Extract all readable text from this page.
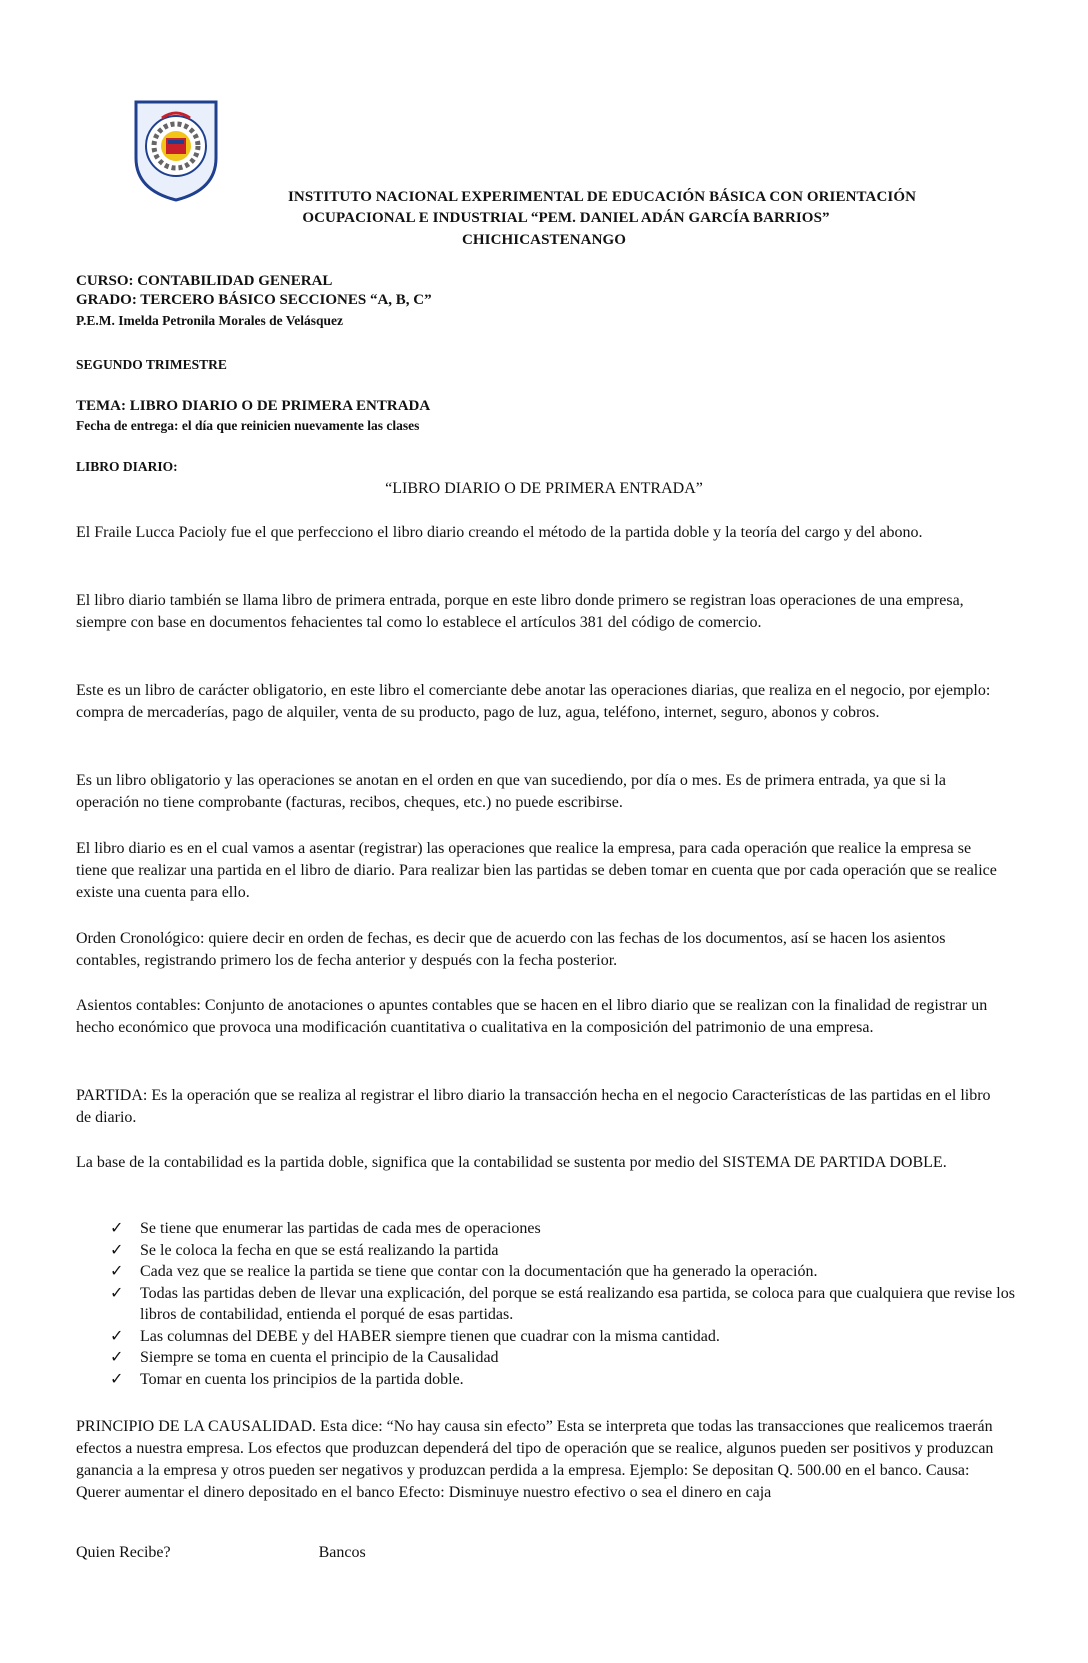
INSTITUTO NACIONAL EXPERIMENTAL DE EDUCACIÓN BÁSICA CON ORIENTACIÓN
OCUPACIONAL E INDUSTRIAL “PEM. DANIEL ADÁN GARCÍA BARRIOS”
CHICHICASTENANGO
CURSO: CONTABILIDAD GENERAL
GRADO: TERCERO BÁSICO SECCIONES “A, B, C”
P.E.M. Imelda Petronila Morales de Velásquez
SEGUNDO TRIMESTRE
TEMA: LIBRO DIARIO O DE PRIMERA ENTRADA
Fecha de entrega: el día que reinicien nuevamente las clases
LIBRO DIARIO:
“LIBRO DIARIO O DE PRIMERA ENTRADA”
El Fraile Lucca Pacioly fue el que perfecciono el libro diario creando el método de la partida doble y la teoría del cargo y del abono.
El libro diario también se llama libro de primera entrada, porque en este libro donde primero se registran loas operaciones de una empresa, siempre con base en documentos fehacientes tal como lo establece el artículos 381 del código de comercio.
Este es un libro de carácter obligatorio, en este libro el comerciante debe anotar las operaciones diarias, que realiza en el negocio, por ejemplo: compra de mercaderías, pago de alquiler, venta de su producto, pago de luz, agua, teléfono, internet, seguro, abonos y cobros.
Es un libro obligatorio y las operaciones se anotan en el orden en que van sucediendo, por día o mes. Es de primera entrada, ya que si la operación no tiene comprobante (facturas, recibos, cheques, etc.) no puede escribirse.
El libro diario es en el cual vamos a asentar (registrar) las operaciones que realice la empresa, para cada operación que realice la empresa se tiene que realizar una partida en el libro de diario. Para realizar bien las partidas se deben tomar en cuenta que por cada operación que se realice existe una cuenta para ello.
Orden Cronológico: quiere decir en orden de fechas, es decir que de acuerdo con las fechas de los documentos, así se hacen los asientos contables, registrando primero los de fecha anterior y después con la fecha posterior.
Asientos contables: Conjunto de anotaciones o apuntes contables que se hacen en el libro diario que se realizan con la finalidad de registrar un hecho económico que provoca una modificación cuantitativa o cualitativa en la composición del patrimonio de una empresa.
PARTIDA: Es la operación que se realiza al registrar el libro diario la transacción hecha en el negocio Características de las partidas en el libro de diario.
La base de la contabilidad es la partida doble, significa que la contabilidad se sustenta por medio del SISTEMA DE PARTIDA DOBLE.
✓ Se tiene que enumerar las partidas de cada mes de operaciones
✓ Se le coloca la fecha en que se está realizando la partida
✓ Cada vez que se realice la partida se tiene que contar con la documentación que ha generado la operación.
✓ Todas las partidas deben de llevar una explicación, del porque se está realizando esa partida, se coloca para que cualquiera que revise los libros de contabilidad, entienda el porqué de esas partidas.
✓ Las columnas del DEBE y del HABER siempre tienen que cuadrar con la misma cantidad.
✓ Siempre se toma en cuenta el principio de la Causalidad
✓ Tomar en cuenta los principios de la partida doble.
PRINCIPIO DE LA CAUSALIDAD. Esta dice: “No hay causa sin efecto” Esta se interpreta que todas las transacciones que realicemos traerán efectos a nuestra empresa. Los efectos que produzcan dependerá del tipo de operación que se realice, algunos pueden ser positivos y produzcan ganancia a la empresa y otros pueden ser negativos y produzcan perdida a la empresa. Ejemplo: Se depositan Q. 500.00 en el banco. Causa: Querer aumentar el dinero depositado en el banco Efecto: Disminuye nuestro efectivo o sea el dinero en caja
Quien Recibe?	Bancos
